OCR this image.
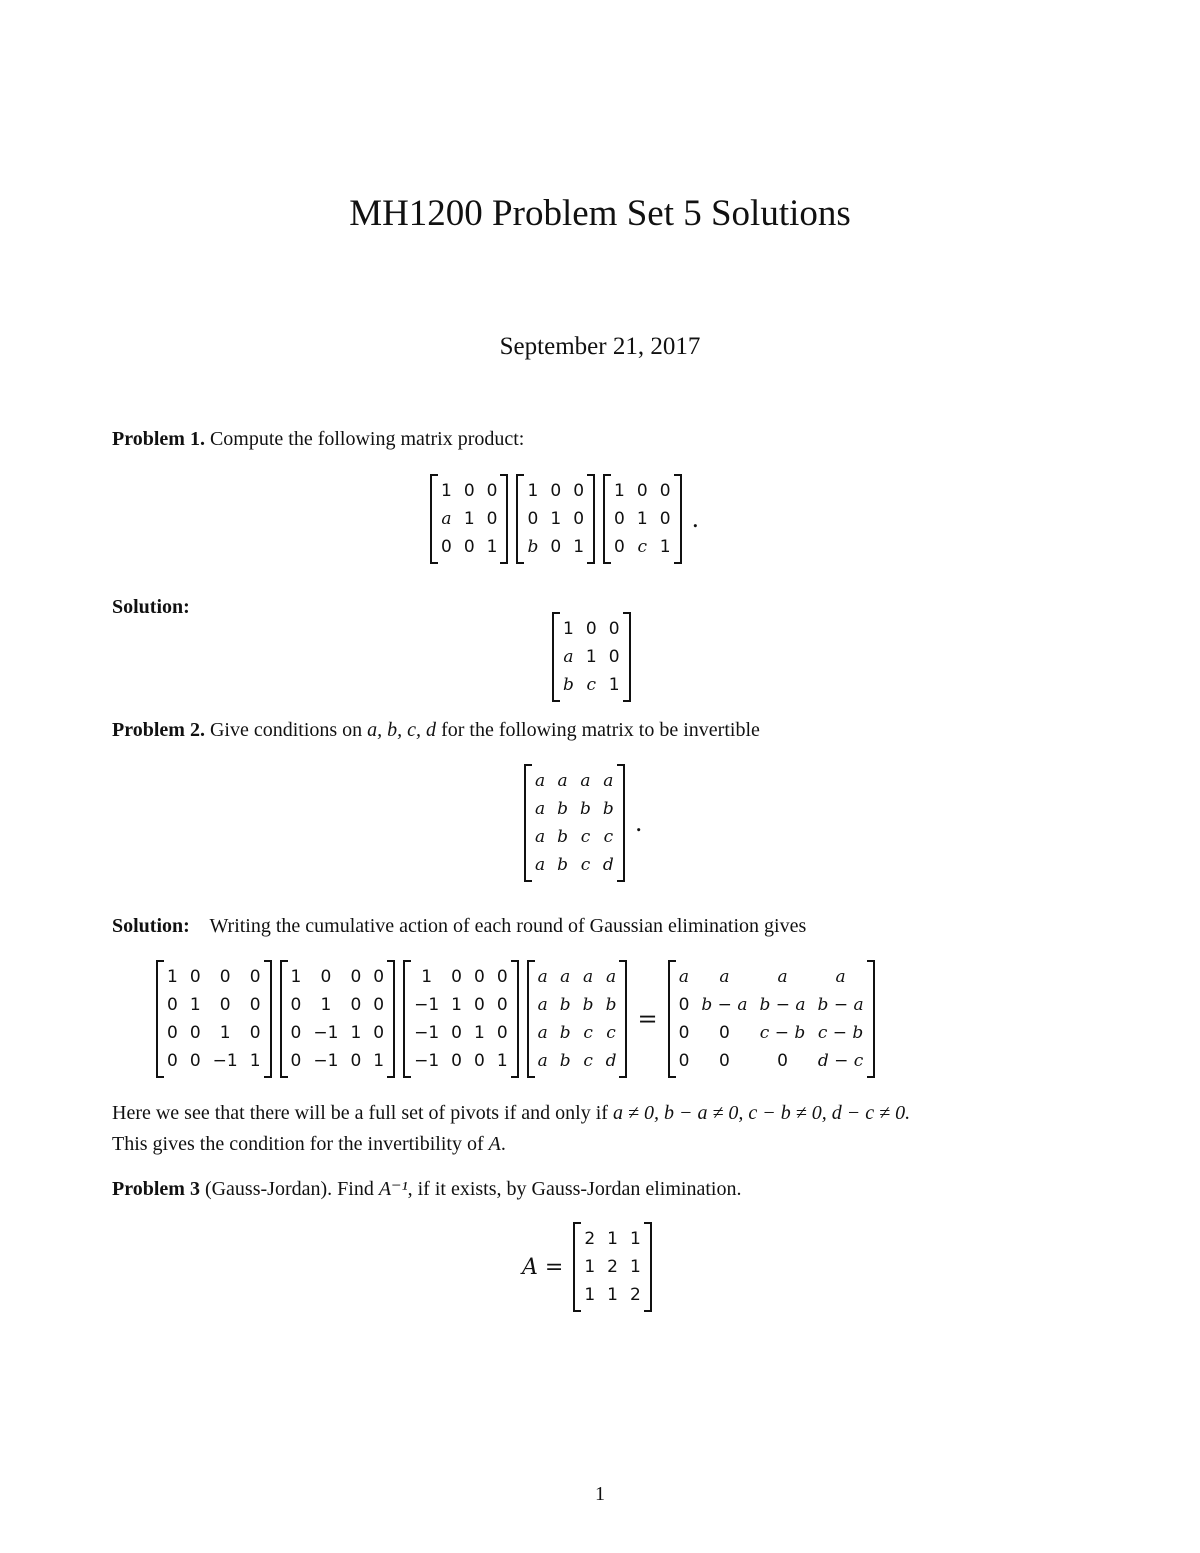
MH1200 Problem Set 5 Solutions
September 21, 2017

Problem 1. Compute the following matrix product:

1	0	0
a	1	0
0	0	1
1	0	0
0	1	0
b	0	1
1	0	0
0	1	0
0	c	1
.

Solution:

1	0	0
a	1	0
b	c	1

Problem 2. Give conditions on a, b, c, d for the following matrix to be invertible

a	a	a	a
a	b	b	b
a	b	c	c
a	b	c	d
.

Solution: Writing the cumulative action of each round of Gaussian elimination gives

1	0	0	0
0	1	0	0
0	0	1	0
0	0	−1	1
1	0	0	0
0	1	0	0
0	−1	1	0
0	−1	0	1
1	0	0	0
−1	1	0	0
−1	0	1	0
−1	0	0	1
a	a	a	a
a	b	b	b
a	b	c	c
a	b	c	d
=
a	a	a	a
0	b − a	b − a	b − a
0	0	c − b	c − b
0	0	0	d − c

Here we see that there will be a full set of pivots if and only if a ≠ 0, b − a ≠ 0, c − b ≠ 0, d − c ≠ 0.
This gives the condition for the invertibility of A.

Problem 3 (Gauss-Jordan). Find A⁻¹, if it exists, by Gauss-Jordan elimination.

A =
2	1	1
1	2	1
1	1	2
1
